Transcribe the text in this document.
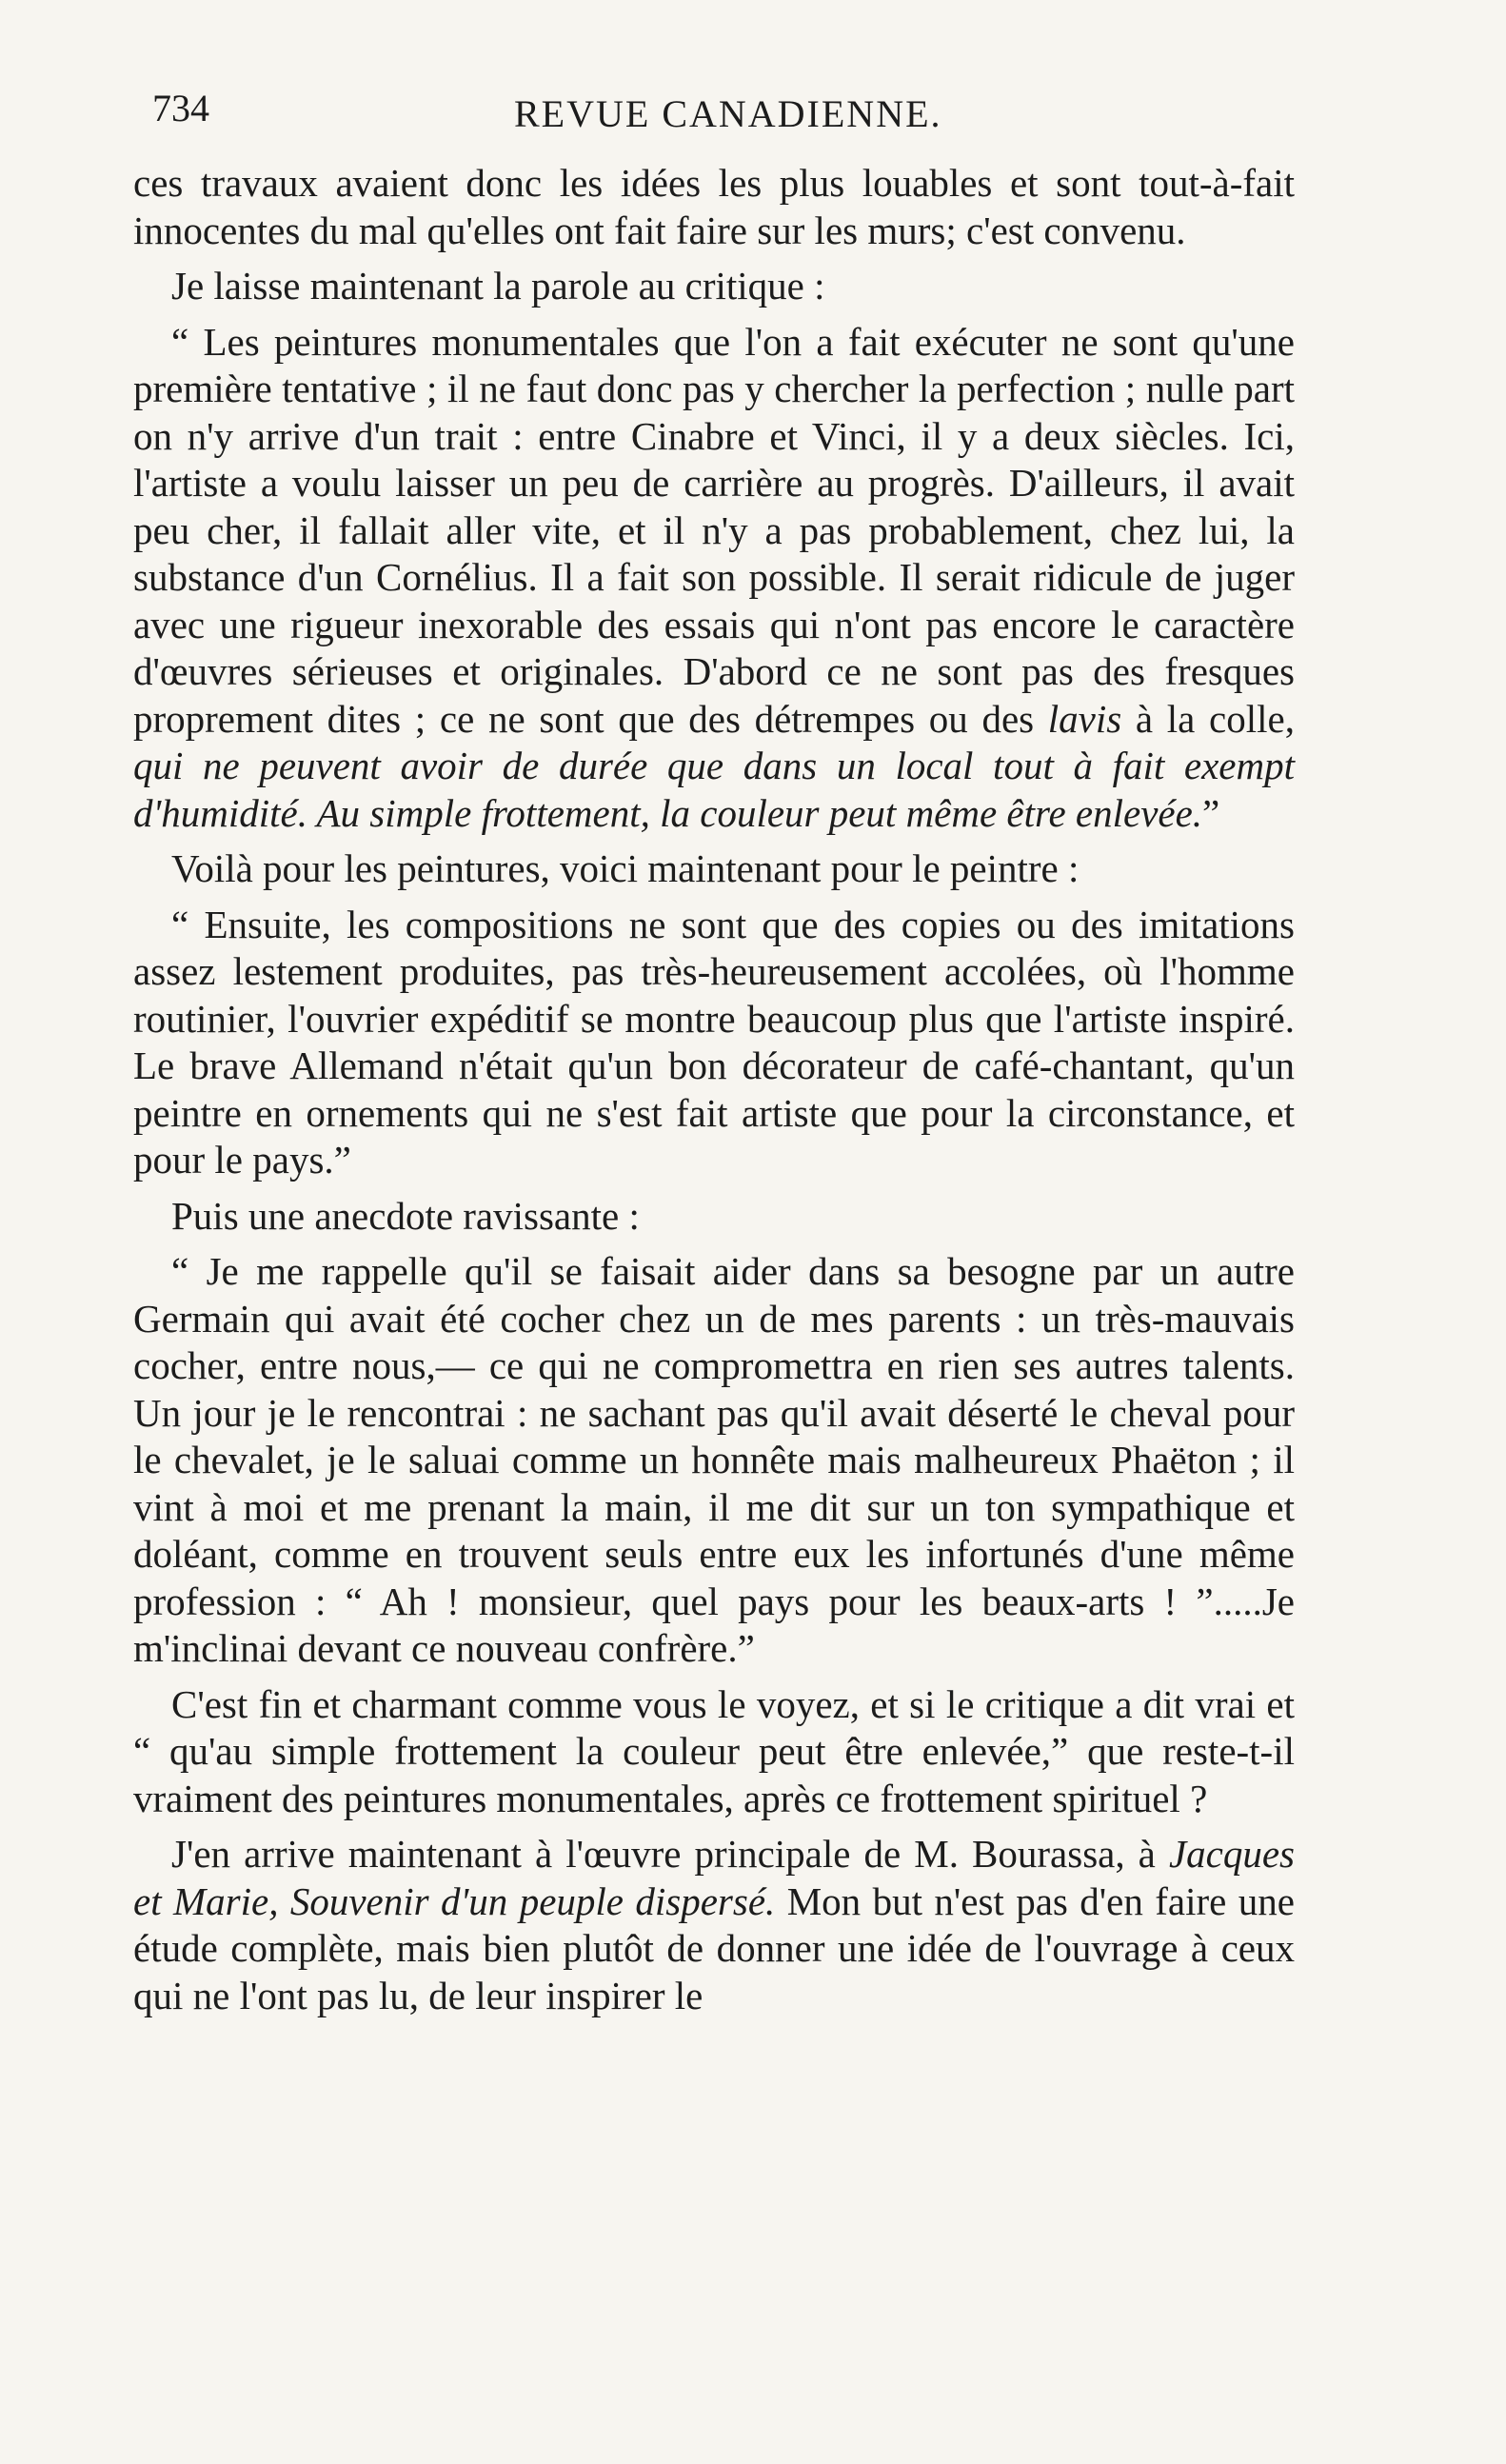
734	REVUE CANADIENNE.

ces travaux avaient donc les idées les plus louables et sont tout-à-fait innocentes du mal qu'elles ont fait faire sur les murs; c'est convenu.

Je laisse maintenant la parole au critique :

“ Les peintures monumentales que l'on a fait exécuter ne sont qu'une première tentative ; il ne faut donc pas y chercher la perfection ; nulle part on n'y arrive d'un trait : entre Cinabre et Vinci, il y a deux siècles. Ici, l'artiste a voulu laisser un peu de carrière au progrès. D'ailleurs, il avait peu cher, il fallait aller vite, et il n'y a pas probablement, chez lui, la substance d'un Cornélius. Il a fait son possible. Il serait ridicule de juger avec une rigueur inexorable des essais qui n'ont pas encore le caractère d'œuvres sérieuses et originales. D'abord ce ne sont pas des fresques proprement dites ; ce ne sont que des détrempes ou des lavis à la colle, qui ne peuvent avoir de durée que dans un local tout à fait exempt d'humidité. Au simple frottement, la couleur peut même être enlevée.”

Voilà pour les peintures, voici maintenant pour le peintre :

“ Ensuite, les compositions ne sont que des copies ou des imitations assez lestement produites, pas très-heureusement accolées, où l'homme routinier, l'ouvrier expéditif se montre beaucoup plus que l'artiste inspiré. Le brave Allemand n'était qu'un bon décorateur de café-chantant, qu'un peintre en ornements qui ne s'est fait artiste que pour la circonstance, et pour le pays.”

Puis une anecdote ravissante :

“ Je me rappelle qu'il se faisait aider dans sa besogne par un autre Germain qui avait été cocher chez un de mes parents : un très-mauvais cocher, entre nous,— ce qui ne compromettra en rien ses autres talents. Un jour je le rencontrai : ne sachant pas qu'il avait déserté le cheval pour le chevalet, je le saluai comme un honnête mais malheureux Phaëton ; il vint à moi et me prenant la main, il me dit sur un ton sympathique et doléant, comme en trouvent seuls entre eux les infortunés d'une même profession : “ Ah ! monsieur, quel pays pour les beaux-arts ! ”.....Je m'inclinai devant ce nouveau confrère.”

C'est fin et charmant comme vous le voyez, et si le critique a dit vrai et “ qu'au simple frottement la couleur peut être enlevée,” que reste-t-il vraiment des peintures monumentales, après ce frottement spirituel ?

J'en arrive maintenant à l'œuvre principale de M. Bourassa, à Jacques et Marie, Souvenir d'un peuple dispersé. Mon but n'est pas d'en faire une étude complète, mais bien plutôt de donner une idée de l'ouvrage à ceux qui ne l'ont pas lu, de leur inspirer le
